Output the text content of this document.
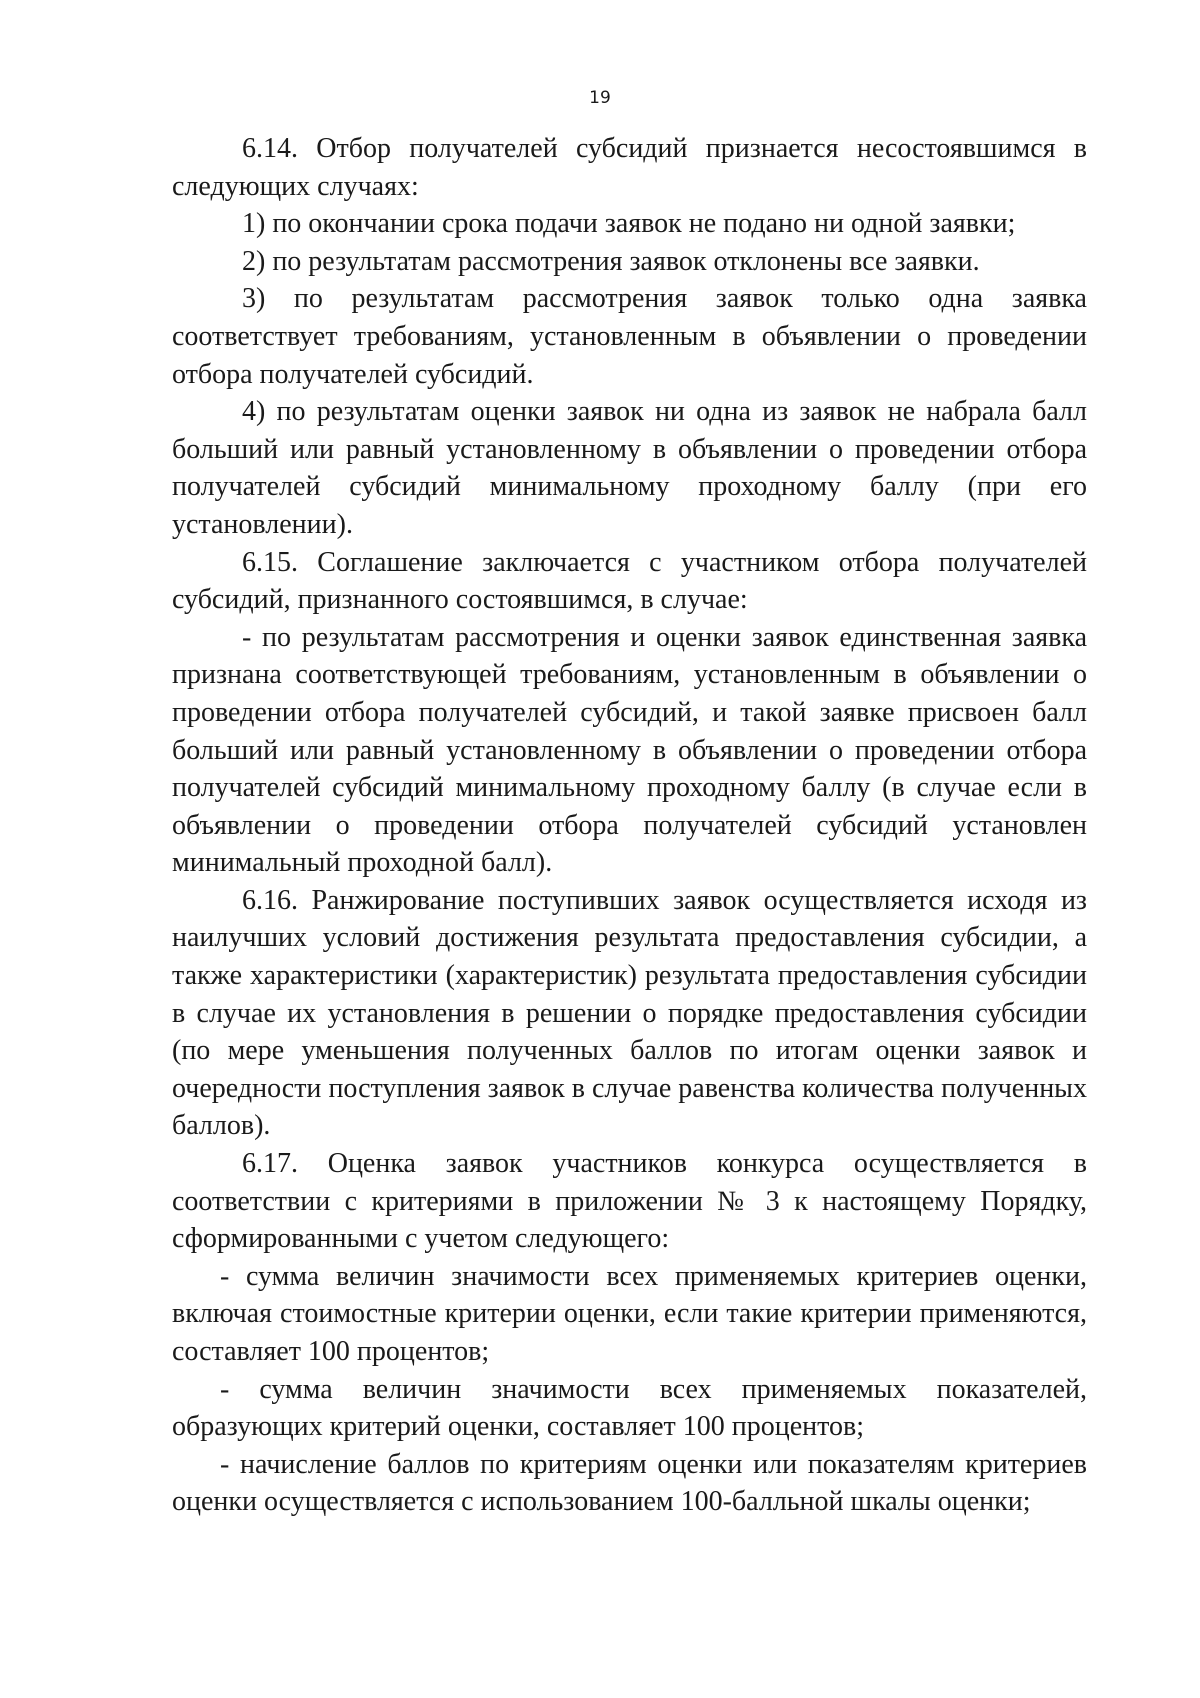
19

6.14. Отбор получателей субсидий признается несостоявшимся в следующих случаях:

1) по окончании срока подачи заявок не подано ни одной заявки;

2) по результатам рассмотрения заявок отклонены все заявки.

3) по результатам рассмотрения заявок только одна заявка соответствует требованиям, установленным в объявлении о проведении отбора получателей субсидий.

4) по результатам оценки заявок ни одна из заявок не набрала балл больший или равный установленному в объявлении о проведении отбора получателей субсидий минимальному проходному баллу (при его установлении).

6.15. Соглашение заключается с участником отбора получателей субсидий, признанного состоявшимся, в случае:

- по результатам рассмотрения и оценки заявок единственная заявка признана соответствующей требованиям, установленным в объявлении о проведении отбора получателей субсидий, и такой заявке присвоен балл больший или равный установленному в объявлении о проведении отбора получателей субсидий минимальному проходному баллу (в случае если в объявлении о проведении отбора получателей субсидий установлен минимальный проходной балл).

6.16. Ранжирование поступивших заявок осуществляется исходя из наилучших условий достижения результата предоставления субсидии, а также характеристики (характеристик) результата предоставления субсидии в случае их установления в решении о порядке предоставления субсидии (по мере уменьшения полученных баллов по итогам оценки заявок и очередности поступления заявок в случае равенства количества полученных баллов).

6.17. Оценка заявок участников конкурса осуществляется в соответствии с критериями в приложении № 3 к настоящему Порядку, сформированными с учетом следующего:

- сумма величин значимости всех применяемых критериев оценки, включая стоимостные критерии оценки, если такие критерии применяются, составляет 100 процентов;

- сумма величин значимости всех применяемых показателей, образующих критерий оценки, составляет 100 процентов;

- начисление баллов по критериям оценки или показателям критериев оценки осуществляется с использованием 100-балльной шкалы оценки;
